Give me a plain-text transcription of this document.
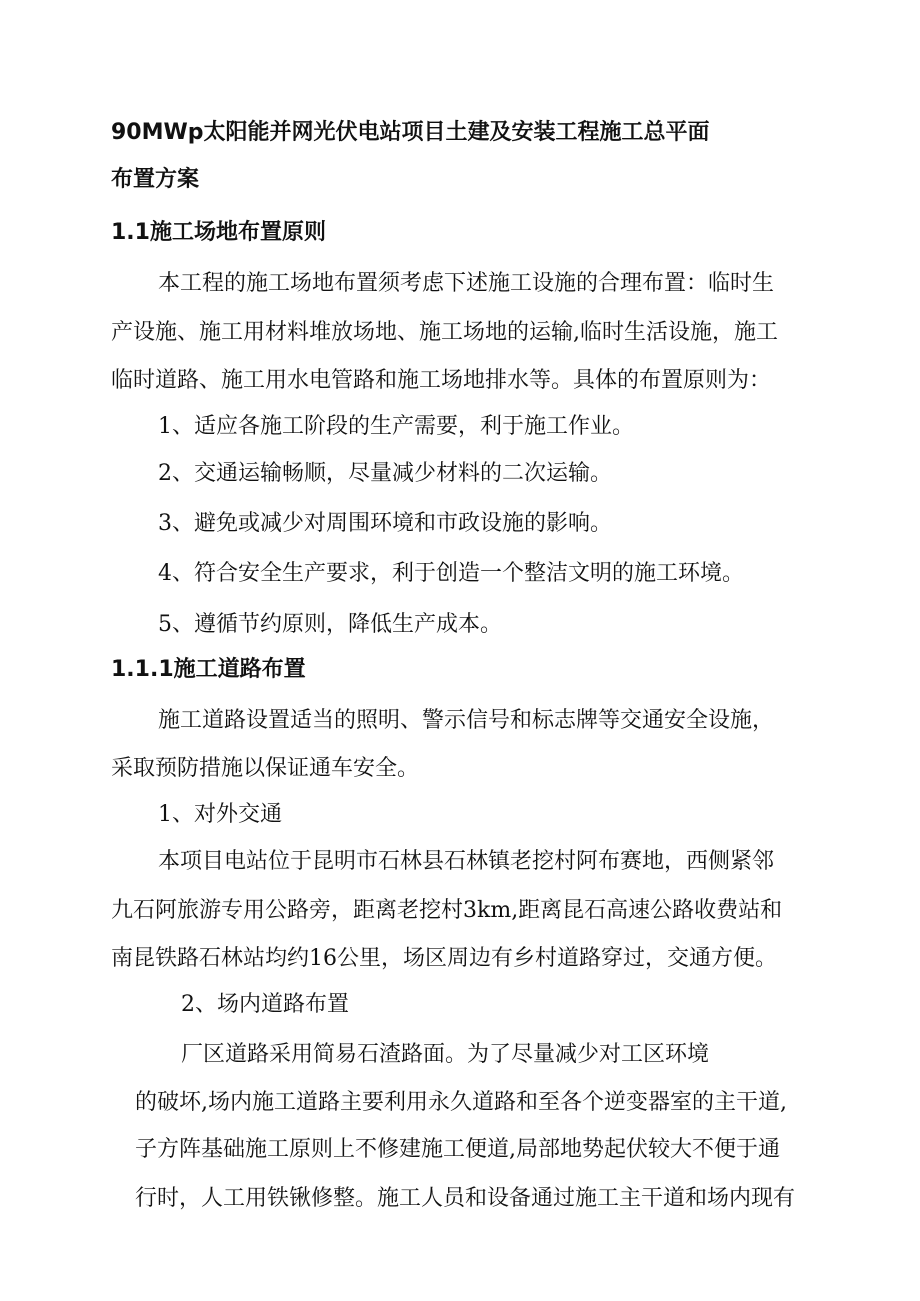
90MWp太阳能并网光伏电站项目土建及安装工程施工总平面
布置方案
1.1施工场地布置原则
本工程的施工场地布置须考虑下述施工设施的合理布置：临时生
产设施、施工用材料堆放场地、施工场地的运输,临时生活设施，施工
临时道路、施工用水电管路和施工场地排水等。具体的布置原则为：
1、适应各施工阶段的生产需要，利于施工作业。
2、交通运输畅顺，尽量减少材料的二次运输。
3、避免或减少对周围环境和市政设施的影响。
4、符合安全生产要求，利于创造一个整洁文明的施工环境。
5、遵循节约原则，降低生产成本。
1.1.1施工道路布置
施工道路设置适当的照明、警示信号和标志牌等交通安全设施，
采取预防措施以保证通车安全。
1、对外交通
本项目电站位于昆明市石林县石林镇老挖村阿布赛地，西侧紧邻
九石阿旅游专用公路旁，距离老挖村3km,距离昆石高速公路收费站和
南昆铁路石林站均约16公里，场区周边有乡村道路穿过，交通方便。
2、场内道路布置
厂区道路采用简易石渣路面。为了尽量减少对工区环境
的破坏,场内施工道路主要利用永久道路和至各个逆变器室的主干道,
子方阵基础施工原则上不修建施工便道,局部地势起伏较大不便于通
行时，人工用铁锹修整。施工人员和设备通过施工主干道和场内现有
